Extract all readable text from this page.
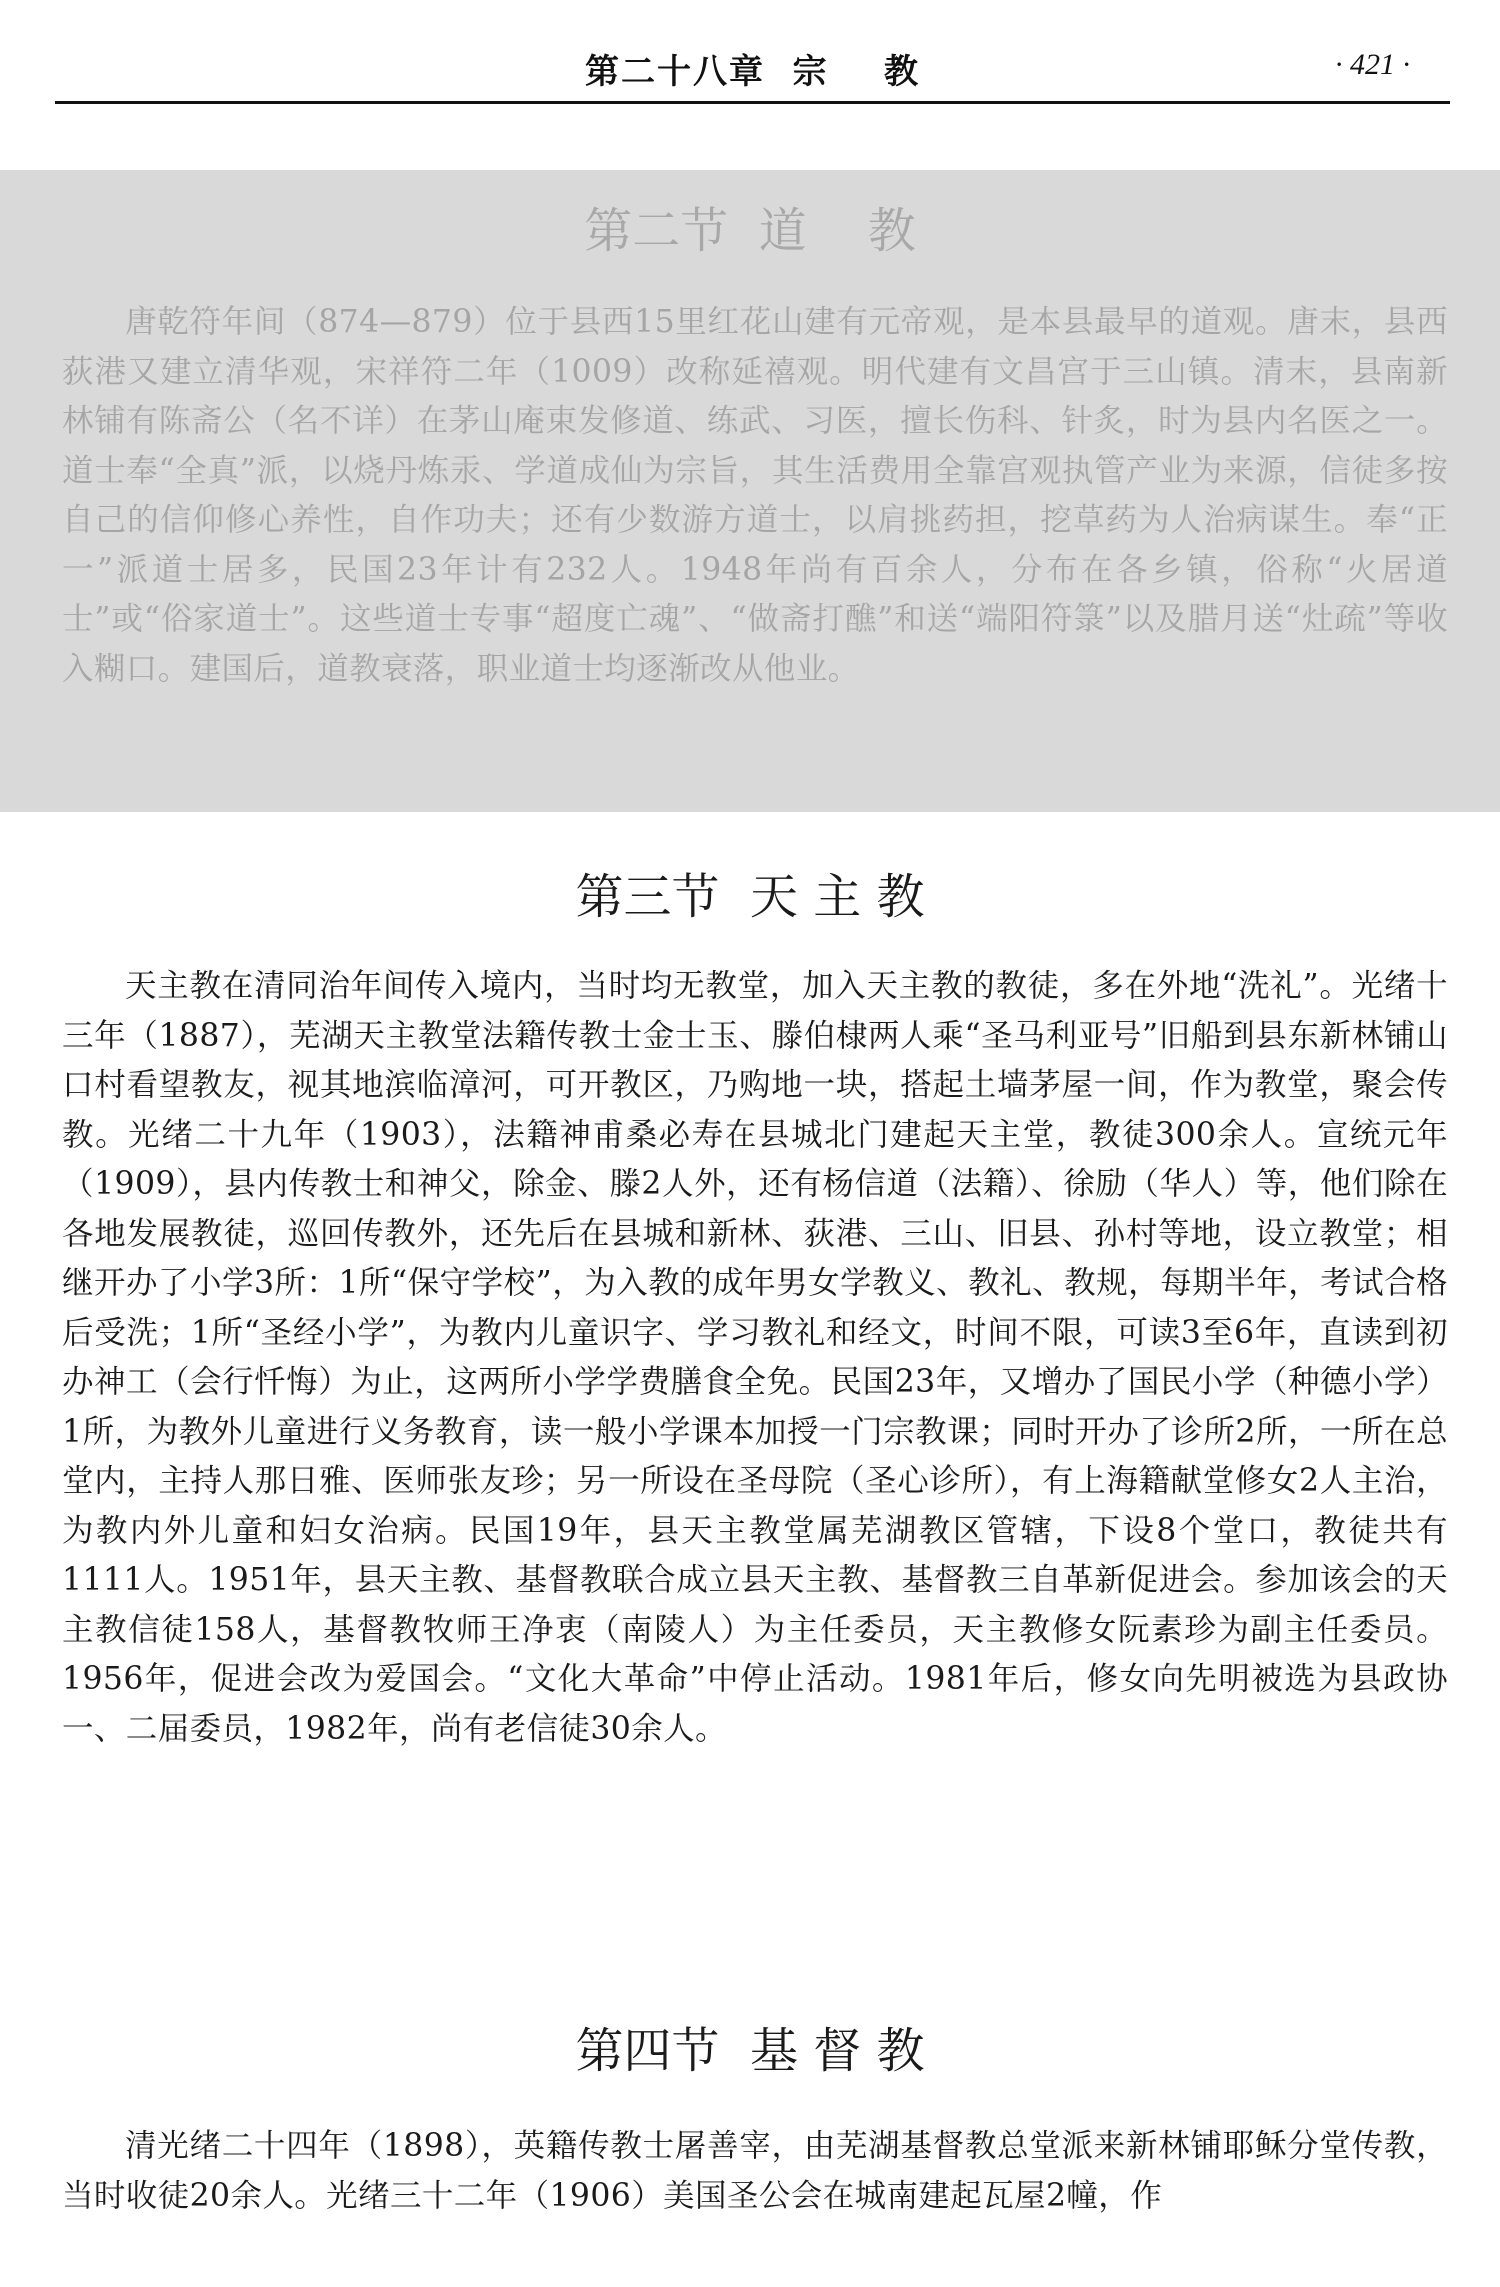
第二十八章  宗    教	· 421 ·
第二节  道    教

唐乾符年间（874—879）位于县西15里红花山建有元帝观，是本县最早的道观。唐末，县西荻港又建立清华观，宋祥符二年（1009）改称延禧观。明代建有文昌宫于三山镇。清末，县南新林铺有陈斋公（名不详）在茅山庵束发修道、练武、习医，擅长伤科、针炙，时为县内名医之一。道士奉“全真”派，以烧丹炼汞、学道成仙为宗旨，其生活费用全靠宫观执管产业为来源，信徒多按自己的信仰修心养性，自作功夫；还有少数游方道士，以肩挑药担，挖草药为人治病谋生。奉“正一”派道士居多，民国23年计有232人。1948年尚有百余人，分布在各乡镇，俗称“火居道士”或“俗家道士”。这些道士专事“超度亡魂”、“做斋打醮”和送“端阳符箓”以及腊月送“灶疏”等收入糊口。建国后，道教衰落，职业道士均逐渐改从他业。

第三节  天 主 教

天主教在清同治年间传入境内，当时均无教堂，加入天主教的教徒，多在外地“洗礼”。光绪十三年（1887），芜湖天主教堂法籍传教士金士玉、滕伯棣两人乘“圣马利亚号”旧船到县东新林铺山口村看望教友，视其地滨临漳河，可开教区，乃购地一块，搭起土墙茅屋一间，作为教堂，聚会传教。光绪二十九年（1903），法籍神甫桑必寿在县城北门建起天主堂，教徒300余人。宣统元年（1909），县内传教士和神父，除金、滕2人外，还有杨信道（法籍）、徐励（华人）等，他们除在各地发展教徒，巡回传教外，还先后在县城和新林、荻港、三山、旧县、孙村等地，设立教堂；相继开办了小学3所：1所“保守学校”，为入教的成年男女学教义、教礼、教规，每期半年，考试合格后受洗；1所“圣经小学”，为教内儿童识字、学习教礼和经文，时间不限，可读3至6年，直读到初办神工（会行忏悔）为止，这两所小学学费膳食全免。民国23年，又增办了国民小学（种德小学）1所，为教外儿童进行义务教育，读一般小学课本加授一门宗教课；同时开办了诊所2所，一所在总堂内，主持人那日雅、医师张友珍；另一所设在圣母院（圣心诊所），有上海籍献堂修女2人主治，为教内外儿童和妇女治病。民国19年，县天主教堂属芜湖教区管辖，下设8个堂口，教徒共有1111人。1951年，县天主教、基督教联合成立县天主教、基督教三自革新促进会。参加该会的天主教信徒158人，基督教牧师王净衷（南陵人）为主任委员，天主教修女阮素珍为副主任委员。1956年，促进会改为爱国会。“文化大革命”中停止活动。1981年后，修女向先明被选为县政协一、二届委员，1982年，尚有老信徒30余人。

第四节  基 督 教

清光绪二十四年（1898），英籍传教士屠善宰，由芜湖基督教总堂派来新林铺耶稣分堂传教，当时收徒20余人。光绪三十二年（1906）美国圣公会在城南建起瓦屋2幢，作
